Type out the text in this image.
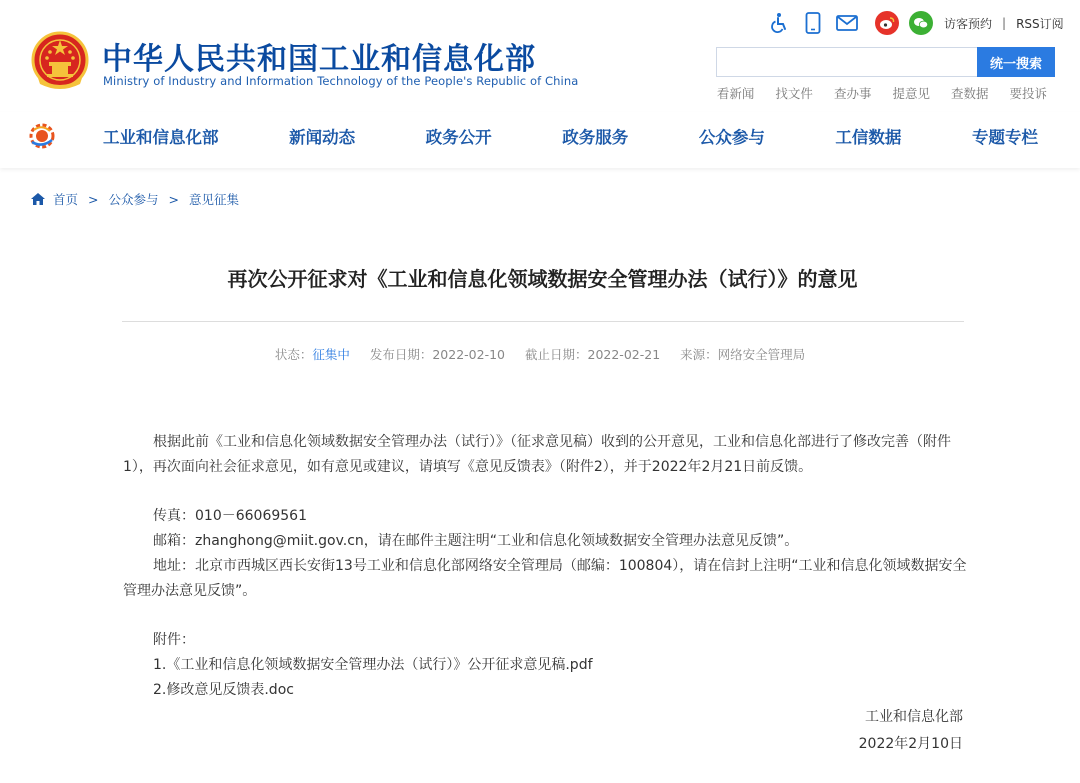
中华人民共和国工业和信息化部
Ministry of Industry and Information Technology of the People's Republic of China
访客预约 | RSS订阅
统一搜索
看新闻 找文件 查办事 提意见 查数据 要投诉
工业和信息化部	新闻动态	政务公开	政务服务	公众参与	工信数据	专题专栏
首页 > 公众参与 > 意见征集
再次公开征求对《工业和信息化领域数据安全管理办法（试行）》的意见
状态：征集中 发布日期：2022-02-10 截止日期：2022-02-21 来源：网络安全管理局

根据此前《工业和信息化领域数据安全管理办法（试行）》（征求意见稿）收到的公开意见，工业和信息化部进行了修改完善（附件1），再次面向社会征求意见，如有意见或建议，请填写《意见反馈表》（附件2），并于2022年2月21日前反馈。

传真：010－66069561

邮箱：zhanghong@miit.gov.cn，请在邮件主题注明“工业和信息化领域数据安全管理办法意见反馈”。

地址：北京市西城区西长安街13号工业和信息化部网络安全管理局（邮编：100804），请在信封上注明“工业和信息化领域数据安全管理办法意见反馈”。

附件：

1.《工业和信息化领域数据安全管理办法（试行）》公开征求意见稿.pdf

2.修改意见反馈表.doc

工业和信息化部

2022年2月10日
